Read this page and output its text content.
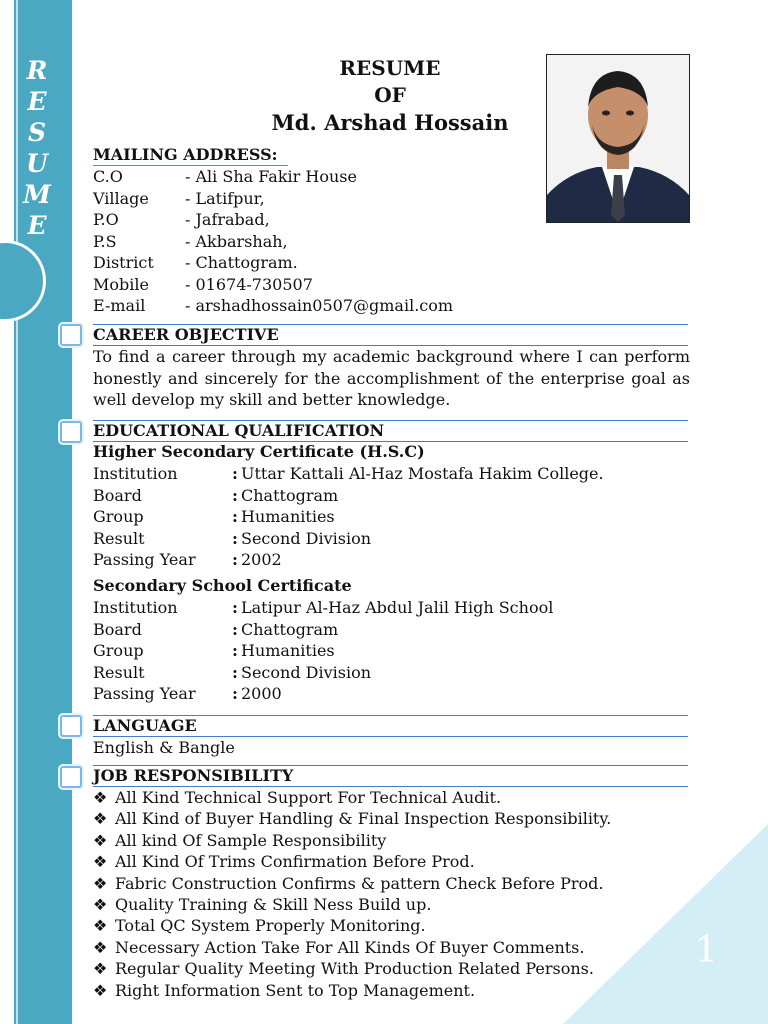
R
E
S
U
M
E
1
RESUME
OF
Md. Arshad Hossain
MAILING ADDRESS:
C.O	- Ali Sha Fakir House
Village	- Latifpur,
P.O	- Jafrabad,
P.S	- Akbarshah,
District	- Chattogram.
Mobile	- 01674-730507
E-mail	- arshadhossain0507@gmail.com
CAREER OBJECTIVE
To find a career through my academic background where I can perform honestly and sincerely for the accomplishment of the enterprise goal as well develop my skill and better knowledge.
EDUCATIONAL QUALIFICATION
Higher Secondary Certificate (H.S.C)
Institution	: Uttar Kattali Al-Haz Mostafa Hakim College.
Board	: Chattogram
Group	: Humanities
Result	: Second Division
Passing Year	: 2002
Secondary School Certificate
Institution	: Latipur Al-Haz Abdul Jalil High School
Board	: Chattogram
Group	: Humanities
Result	: Second Division
Passing Year	: 2000
LANGUAGE
English & Bangle
JOB RESPONSIBILITY
❖ All Kind Technical Support For Technical Audit.
❖ All Kind of Buyer Handling & Final Inspection Responsibility.
❖ All kind Of Sample Responsibility
❖ All Kind Of Trims Confirmation Before Prod.
❖ Fabric Construction Confirms & pattern Check Before Prod.
❖ Quality Training & Skill Ness Build up.
❖ Total QC System Properly Monitoring.
❖ Necessary Action Take For All Kinds Of Buyer Comments.
❖ Regular Quality Meeting With Production Related Persons.
❖ Right Information Sent to Top Management.
